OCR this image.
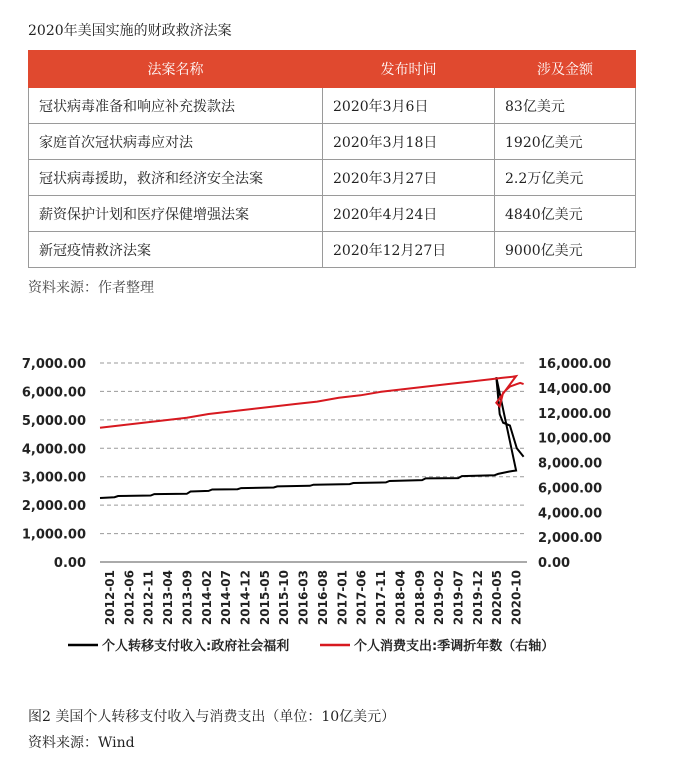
2020年美国实施的财政救济法案
法案名称	发布时间	涉及金额
冠状病毒准备和响应补充拨款法	2020年3月6日	83亿美元
家庭首次冠状病毒应对法	2020年3月18日	1920亿美元
冠状病毒援助，救济和经济安全法案	2020年3月27日	2.2万亿美元
薪资保护计划和医疗保健增强法案	2020年4月24日	4840亿美元
新冠疫情救济法案	2020年12月27日	9000亿美元
资料来源：作者整理
0.00
1,000.00
2,000.00
3,000.00
4,000.00
5,000.00
6,000.00
7,000.00
0.00
2,000.00
4,000.00
6,000.00
8,000.00
10,000.00
12,000.00
14,000.00
16,000.00
2012-01 2012-06 2012-11 2013-04 2013-09 2014-02 2014-07 2014-12 2015-05 2015-10 2016-03 2016-08 2017-01 2017-06 2017-11 2018-04 2018-09 2019-02 2019-07 2019-12 2020-05 2020-10
个人转移支付收入:政府社会福利	个人消费支出:季调折年数（右轴）
图2 美国个人转移支付收入与消费支出（单位：10亿美元）
资料来源：Wind
